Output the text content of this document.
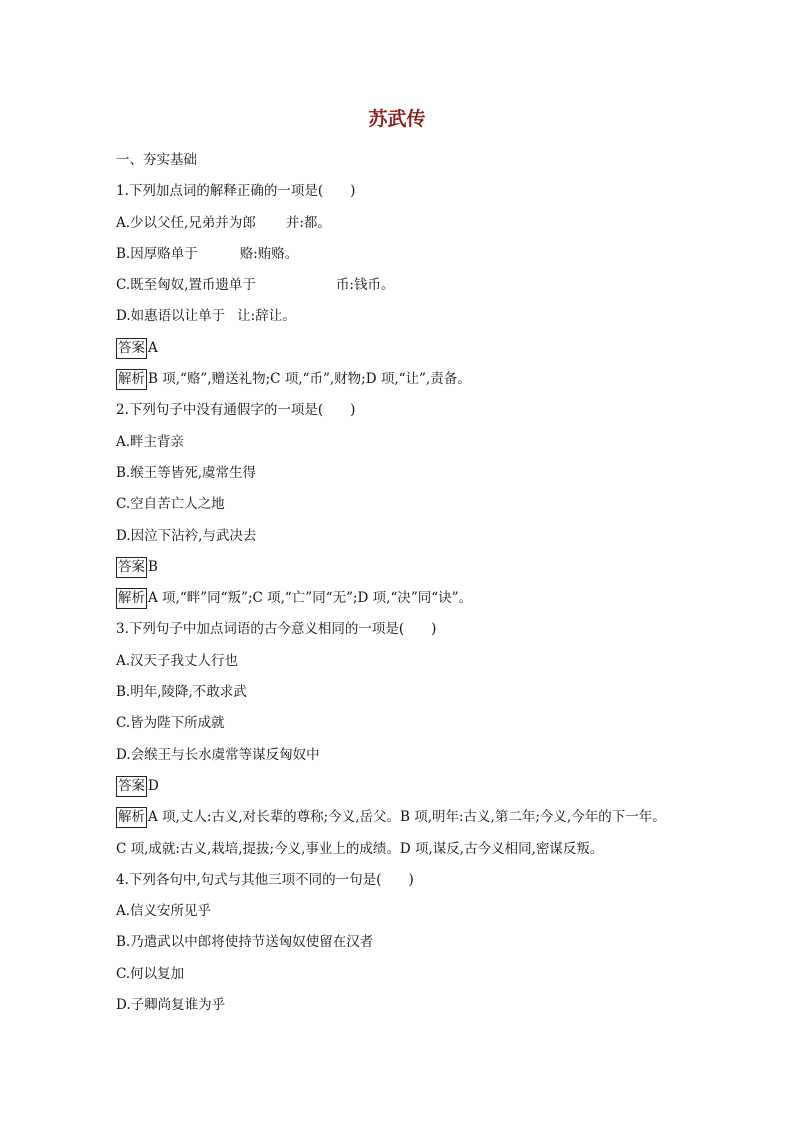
苏武传
一、夯实基础
1.下列加点词的解释正确的一项是(　　)
A.少以父任,兄弟并为郎 并:都。
B.因厚赂单于	赂:贿赂。
C.既至匈奴,置币遗单于	币:钱币。
D.如惠语以让单于 让:辞让。
答案 A
解析 B 项,“赂”,赠送礼物;C 项,“币”,财物;D 项,“让”,责备。
2.下列句子中没有通假字的一项是(　　)
A.畔主背亲
B.缑王等皆死,虞常生得
C.空自苦亡人之地
D.因泣下沾衿,与武决去
答案 B
解析 A 项,“畔”同“叛”;C 项,“亡”同“无”;D 项,“决”同“诀”。
3.下列句子中加点词语的古今意义相同的一项是(　　)
A.汉天子我丈人行也
B.明年,陵降,不敢求武
C.皆为陛下所成就
D.会缑王与长水虞常等谋反匈奴中
答案 D
解析 A 项,丈人:古义,对长辈的尊称;今义,岳父。B 项,明年:古义,第二年;今义,今年的下一年。
C 项,成就:古义,栽培,提拔;今义,事业上的成绩。D 项,谋反,古今义相同,密谋反叛。
4.下列各句中,句式与其他三项不同的一句是(　　)
A.信义安所见乎
B.乃遣武以中郎将使持节送匈奴使留在汉者
C.何以复加
D.子卿尚复谁为乎
